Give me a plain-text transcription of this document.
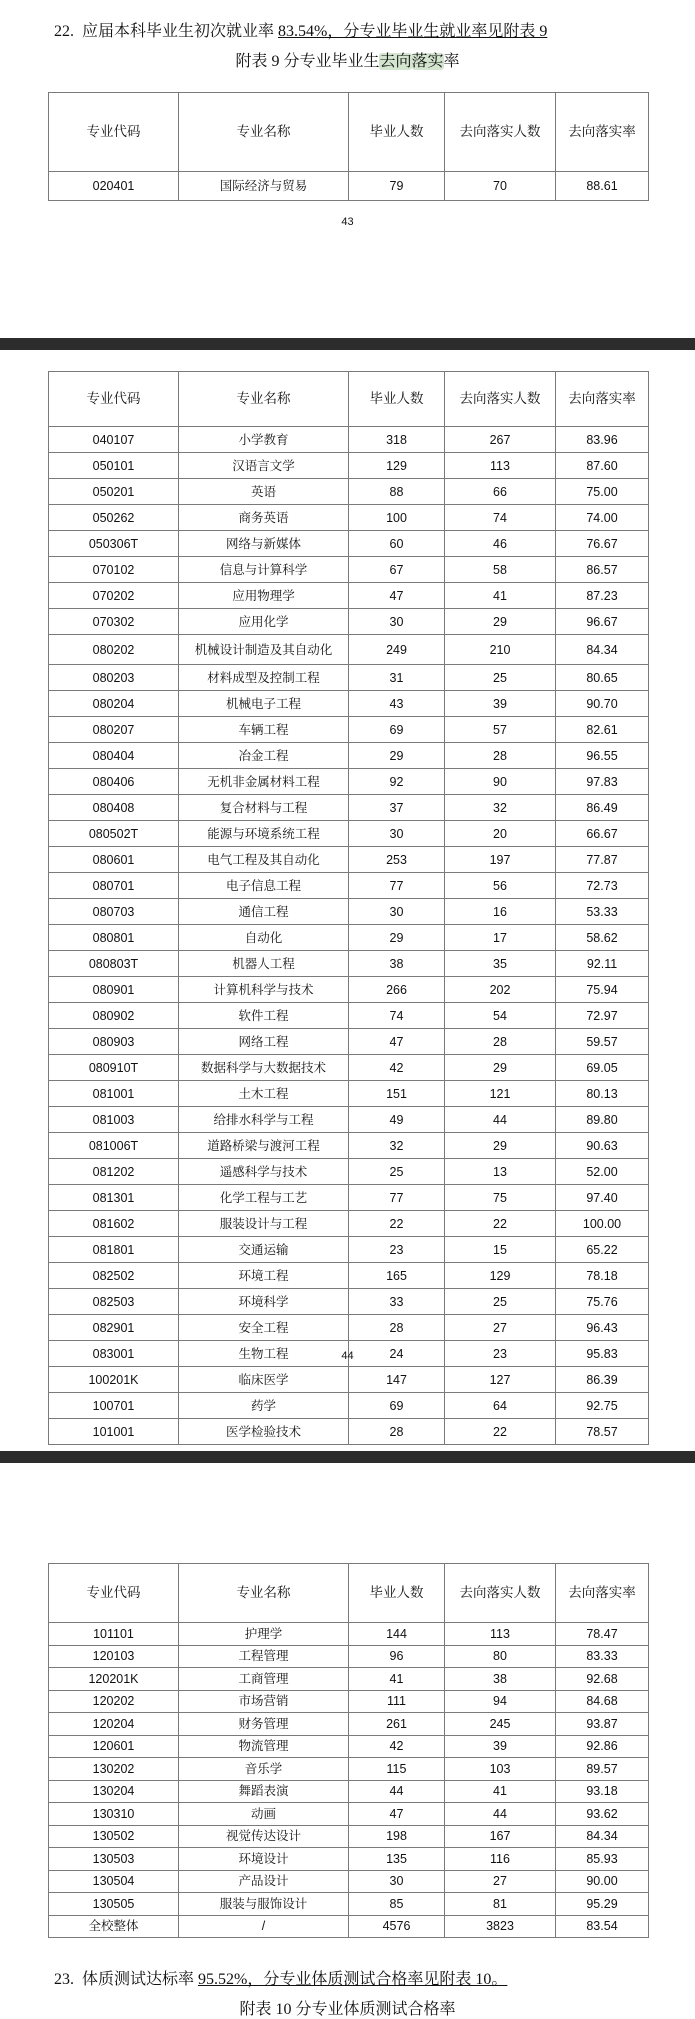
22. 应届本科毕业生初次就业率 83.54%，分专业毕业生就业率见附表 9
附表 9 分专业毕业生去向落实率
专业代码	专业名称	毕业人数	去向落实人数	去向落实率
020401	国际经济与贸易	79	70	88.61
43
专业代码	专业名称	毕业人数	去向落实人数	去向落实率
040107	小学教育	318	267	83.96
050101	汉语言文学	129	113	87.60
050201	英语	88	66	75.00
050262	商务英语	100	74	74.00
050306T	网络与新媒体	60	46	76.67
070102	信息与计算科学	67	58	86.57
070202	应用物理学	47	41	87.23
070302	应用化学	30	29	96.67
080202	机械设计制造及其自动化	249	210	84.34
080203	材料成型及控制工程	31	25	80.65
080204	机械电子工程	43	39	90.70
080207	车辆工程	69	57	82.61
080404	冶金工程	29	28	96.55
080406	无机非金属材料工程	92	90	97.83
080408	复合材料与工程	37	32	86.49
080502T	能源与环境系统工程	30	20	66.67
080601	电气工程及其自动化	253	197	77.87
080701	电子信息工程	77	56	72.73
080703	通信工程	30	16	53.33
080801	自动化	29	17	58.62
080803T	机器人工程	38	35	92.11
080901	计算机科学与技术	266	202	75.94
080902	软件工程	74	54	72.97
080903	网络工程	47	28	59.57
080910T	数据科学与大数据技术	42	29	69.05
081001	土木工程	151	121	80.13
081003	给排水科学与工程	49	44	89.80
081006T	道路桥梁与渡河工程	32	29	90.63
081202	遥感科学与技术	25	13	52.00
081301	化学工程与工艺	77	75	97.40
081602	服装设计与工程	22	22	100.00
081801	交通运输	23	15	65.22
082502	环境工程	165	129	78.18
082503	环境科学	33	25	75.76
082901	安全工程	28	27	96.43
083001	生物工程	24	23	95.83
100201K	临床医学	147	127	86.39
100701	药学	69	64	92.75
101001	医学检验技术	28	22	78.57
44
专业代码	专业名称	毕业人数	去向落实人数	去向落实率
101101	护理学	144	113	78.47
120103	工程管理	96	80	83.33
120201K	工商管理	41	38	92.68
120202	市场营销	111	94	84.68
120204	财务管理	261	245	93.87
120601	物流管理	42	39	92.86
130202	音乐学	115	103	89.57
130204	舞蹈表演	44	41	93.18
130310	动画	47	44	93.62
130502	视觉传达设计	198	167	84.34
130503	环境设计	135	116	85.93
130504	产品设计	30	27	90.00
130505	服装与服饰设计	85	81	95.29
全校整体	/	4576	3823	83.54
23. 体质测试达标率 95.52%，分专业体质测试合格率见附表 10。
附表 10 分专业体质测试合格率
